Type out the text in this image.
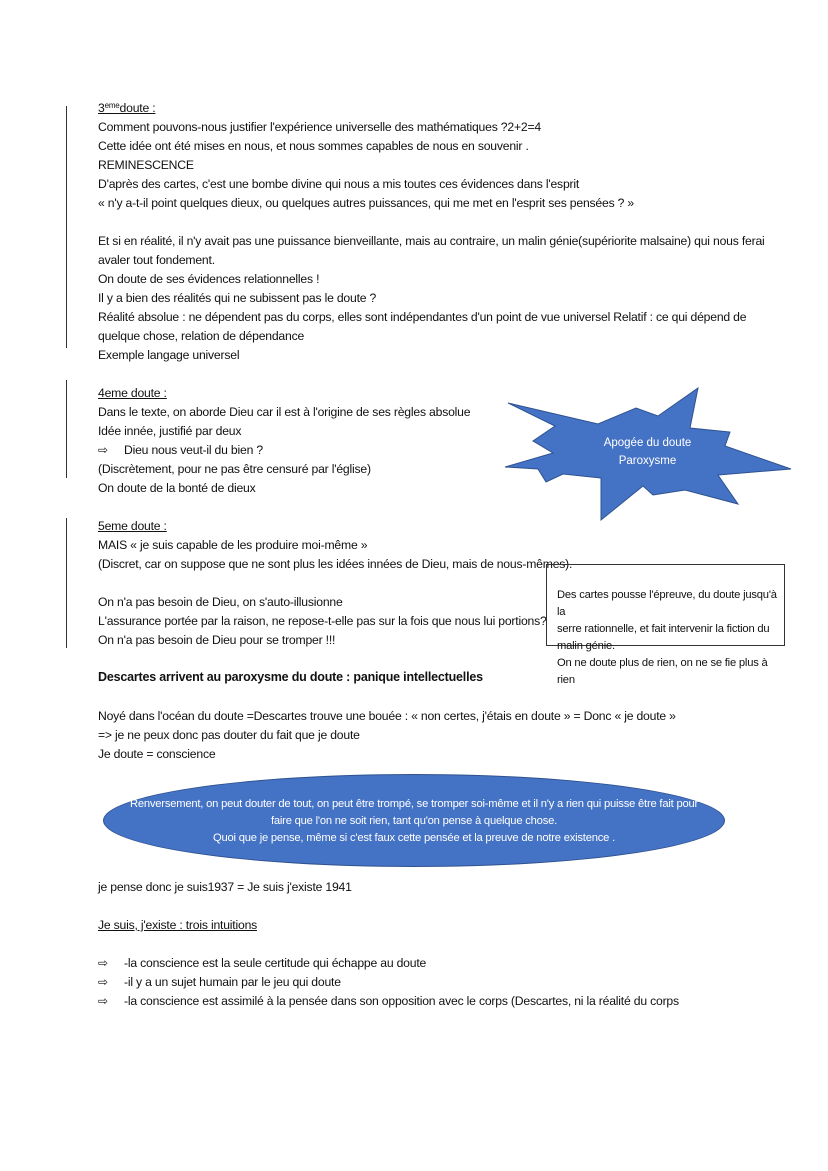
3emedoute :
Comment pouvons-nous justifier l'expérience universelle des mathématiques ?2+2=4
Cette idée ont été mises en nous, et nous sommes capables de nous en souvenir .
REMINESCENCE
D'après des cartes, c'est une bombe divine qui nous a mis toutes ces évidences dans l'esprit
« n'y a-t-il point quelques dieux, ou quelques autres puissances, qui me met en l'esprit ses pensées ? »
Et si en réalité, il n'y avait pas une puissance bienveillante, mais au contraire, un malin génie(supériorite malsaine) qui nous ferai
avaler tout fondement.
On doute de ses évidences relationnelles !
Il y a bien des réalités qui ne subissent pas le doute ?
Réalité absolue : ne dépendent pas du corps, elles sont indépendantes d'un point de vue universel Relatif : ce qui dépend de
quelque chose, relation de dépendance
Exemple langage universel
4eme doute :
Dans le texte, on aborde Dieu car il est à l'origine de ses règles absolue
Idée innée, justifié par deux
⇨ Dieu nous veut-il du bien ?
(Discrètement, pour ne pas être censuré par l'église)
On doute de la bonté de dieux
Apogée du doute
Paroxysme
5eme doute :
MAIS « je suis capable de les produire moi-même »
(Discret, car on suppose que ne sont plus les idées innées de Dieu, mais de nous-mêmes).
On n'a pas besoin de Dieu, on s'auto-illusionne
L'assurance portée par la raison, ne repose-t-elle pas sur la fois que nous lui portions?
On n'a pas besoin de Dieu pour se tromper !!!
Des cartes pousse l'épreuve, du doute jusqu'à la
serre rationnelle, et fait intervenir la fiction du
malin génie.
On ne doute plus de rien, on ne se fie plus à rien
Descartes arrivent au paroxysme du doute : panique intellectuelles
Noyé dans l'océan du doute =Descartes trouve une bouée : « non certes, j'étais en doute » = Donc « je doute »
=> je ne peux donc pas douter du fait que je doute
Je doute = conscience
Renversement, on peut douter de tout, on peut être trompé, se tromper soi-même et il n'y a rien qui puisse être fait pour
faire que l'on ne soit rien, tant qu'on pense à quelque chose.
Quoi que je pense, même si c'est faux cette pensée et la preuve de notre existence .
je pense donc je suis1937 = Je suis j'existe 1941
Je suis, j'existe : trois intuitions
⇨ -la conscience est la seule certitude qui échappe au doute
⇨ -il y a un sujet humain par le jeu qui doute
⇨ -la conscience est assimilé à la pensée dans son opposition avec le corps (Descartes, ni la réalité du corps
